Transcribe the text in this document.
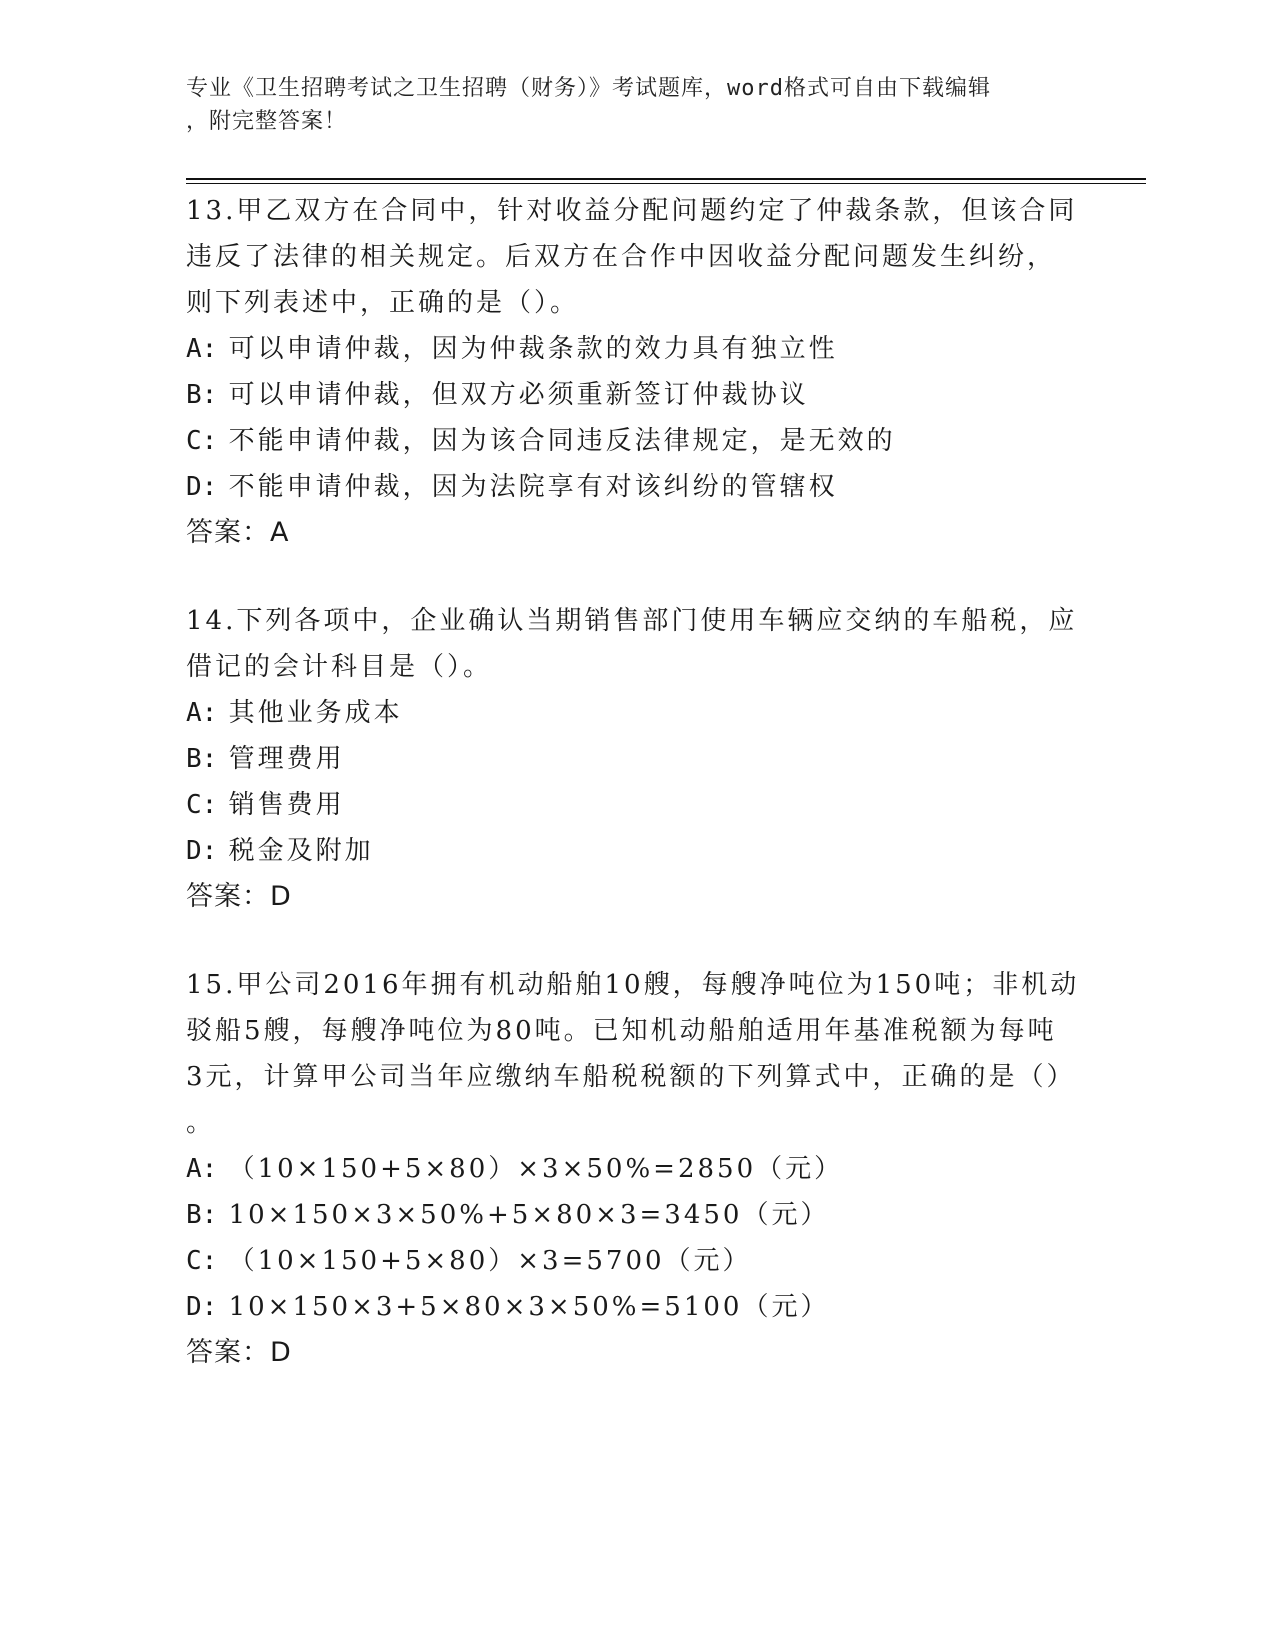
专业《卫生招聘考试之卫生招聘（财务）》考试题库，word格式可自由下载编辑
，附完整答案！
13.甲乙双方在合同中，针对收益分配问题约定了仲裁条款，但该合同
违反了法律的相关规定。后双方在合作中因收益分配问题发生纠纷，
则下列表述中，正确的是（）。
A: 可以申请仲裁，因为仲裁条款的效力具有独立性
B: 可以申请仲裁，但双方必须重新签订仲裁协议
C: 不能申请仲裁，因为该合同违反法律规定，是无效的
D: 不能申请仲裁，因为法院享有对该纠纷的管辖权
答案：A
14.下列各项中，企业确认当期销售部门使用车辆应交纳的车船税，应
借记的会计科目是（）。
A: 其他业务成本
B: 管理费用
C: 销售费用
D: 税金及附加
答案：D
15.甲公司2016年拥有机动船舶10艘，每艘净吨位为150吨；非机动
驳船5艘，每艘净吨位为80吨。已知机动船舶适用年基准税额为每吨
3元，计算甲公司当年应缴纳车船税税额的下列算式中，正确的是（）
。
A: （10×150+5×80）×3×50%=2850（元）
B: 10×150×3×50%+5×80×3=3450（元）
C: （10×150+5×80）×3=5700（元）
D: 10×150×3+5×80×3×50%=5100（元）
答案：D
